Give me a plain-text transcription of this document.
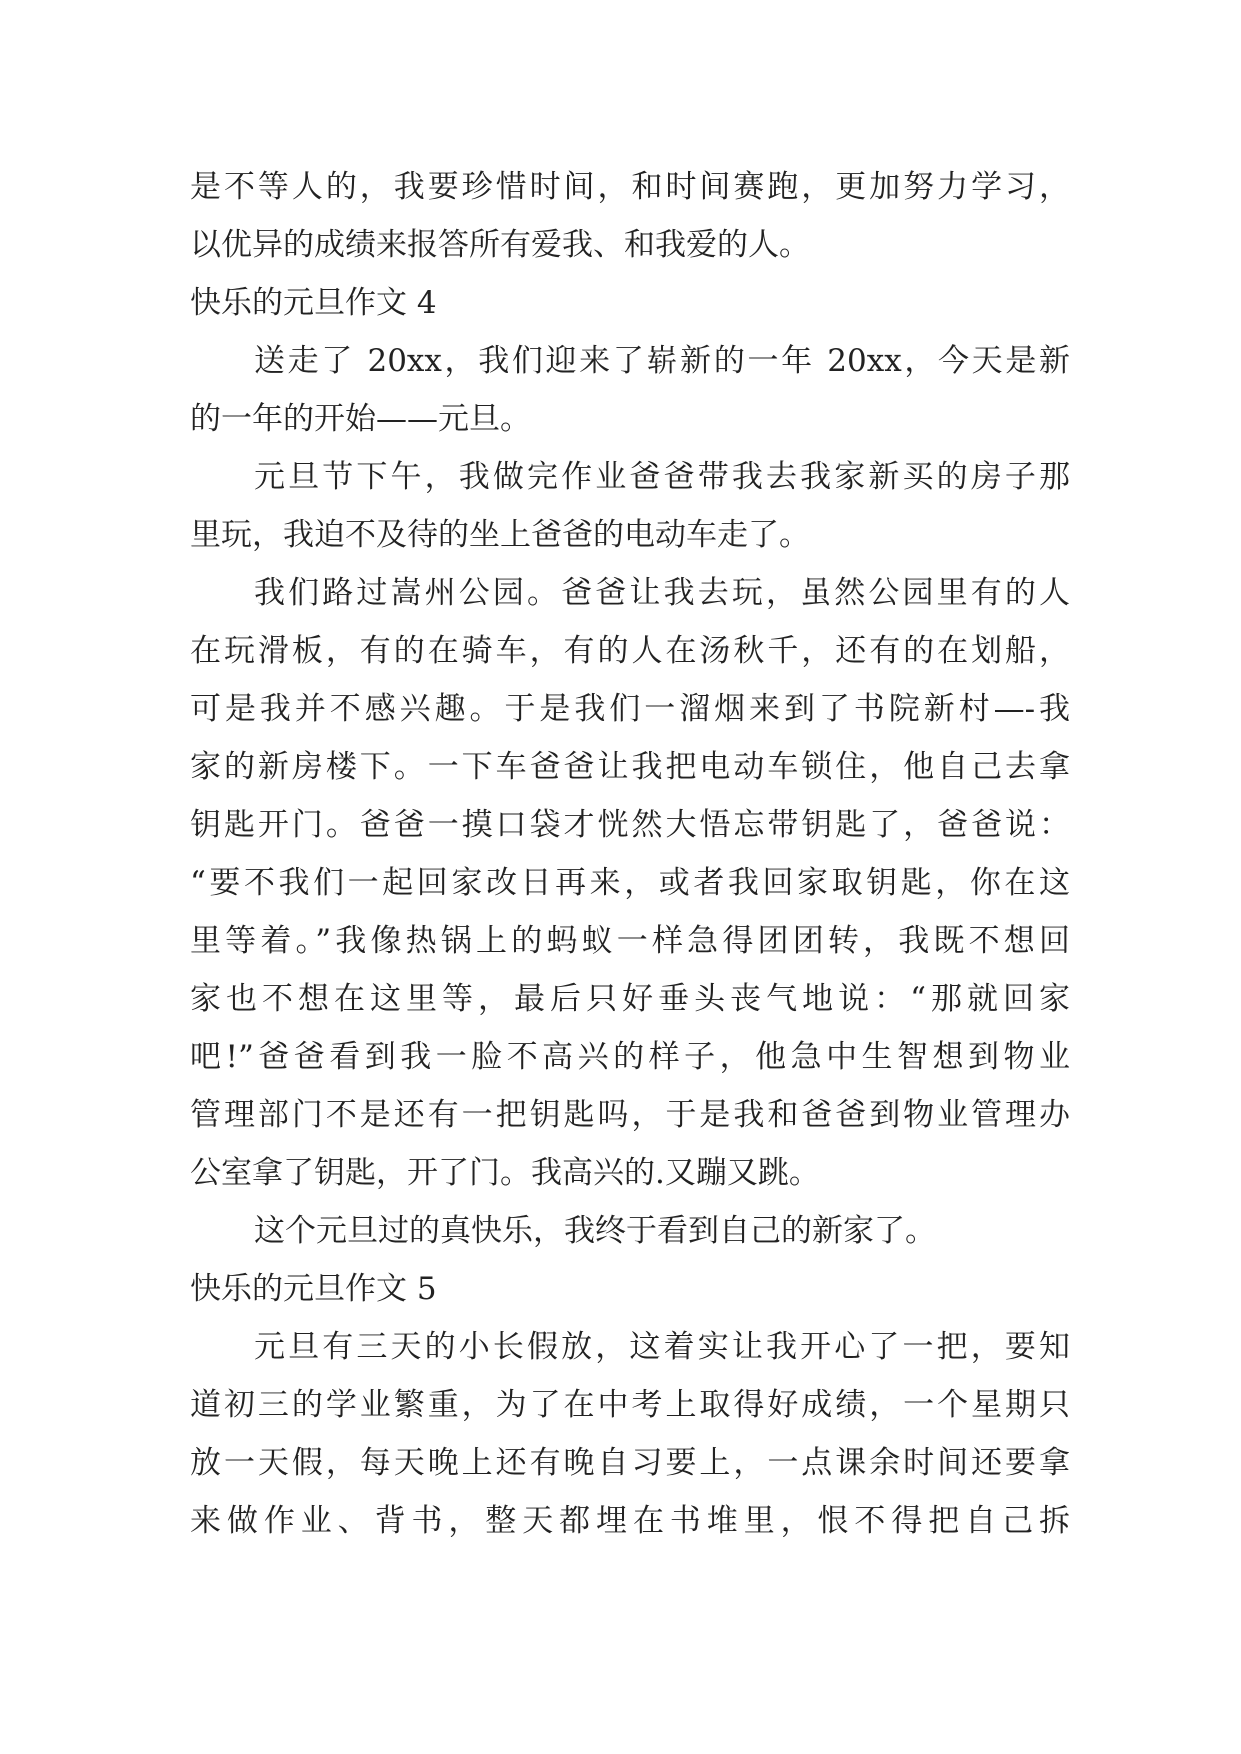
是不等人的，我要珍惜时间，和时间赛跑，更加努力学习，
以优异的成绩来报答所有爱我、和我爱的人。
快乐的元旦作文 4
送走了 20xx，我们迎来了崭新的一年 20xx，今天是新
的一年的开始——元旦。
元旦节下午，我做完作业爸爸带我去我家新买的房子那
里玩，我迫不及待的坐上爸爸的电动车走了。
我们路过嵩州公园。爸爸让我去玩，虽然公园里有的人
在玩滑板，有的在骑车，有的人在汤秋千，还有的在划船，
可是我并不感兴趣。于是我们一溜烟来到了书院新村—-我
家的新房楼下。一下车爸爸让我把电动车锁住，他自己去拿
钥匙开门。爸爸一摸口袋才恍然大悟忘带钥匙了，爸爸说：
“要不我们一起回家改日再来，或者我回家取钥匙，你在这
里等着。”我像热锅上的蚂蚁一样急得团团转，我既不想回
家也不想在这里等，最后只好垂头丧气地说：“那就回家
吧!”爸爸看到我一脸不高兴的样子，他急中生智想到物业
管理部门不是还有一把钥匙吗，于是我和爸爸到物业管理办
公室拿了钥匙，开了门。我高兴的.又蹦又跳。
这个元旦过的真快乐，我终于看到自己的新家了。
快乐的元旦作文 5
元旦有三天的小长假放，这着实让我开心了一把，要知
道初三的学业繁重，为了在中考上取得好成绩，一个星期只
放一天假，每天晚上还有晚自习要上，一点课余时间还要拿
来做作业、背书，整天都埋在书堆里，恨不得把自己拆
